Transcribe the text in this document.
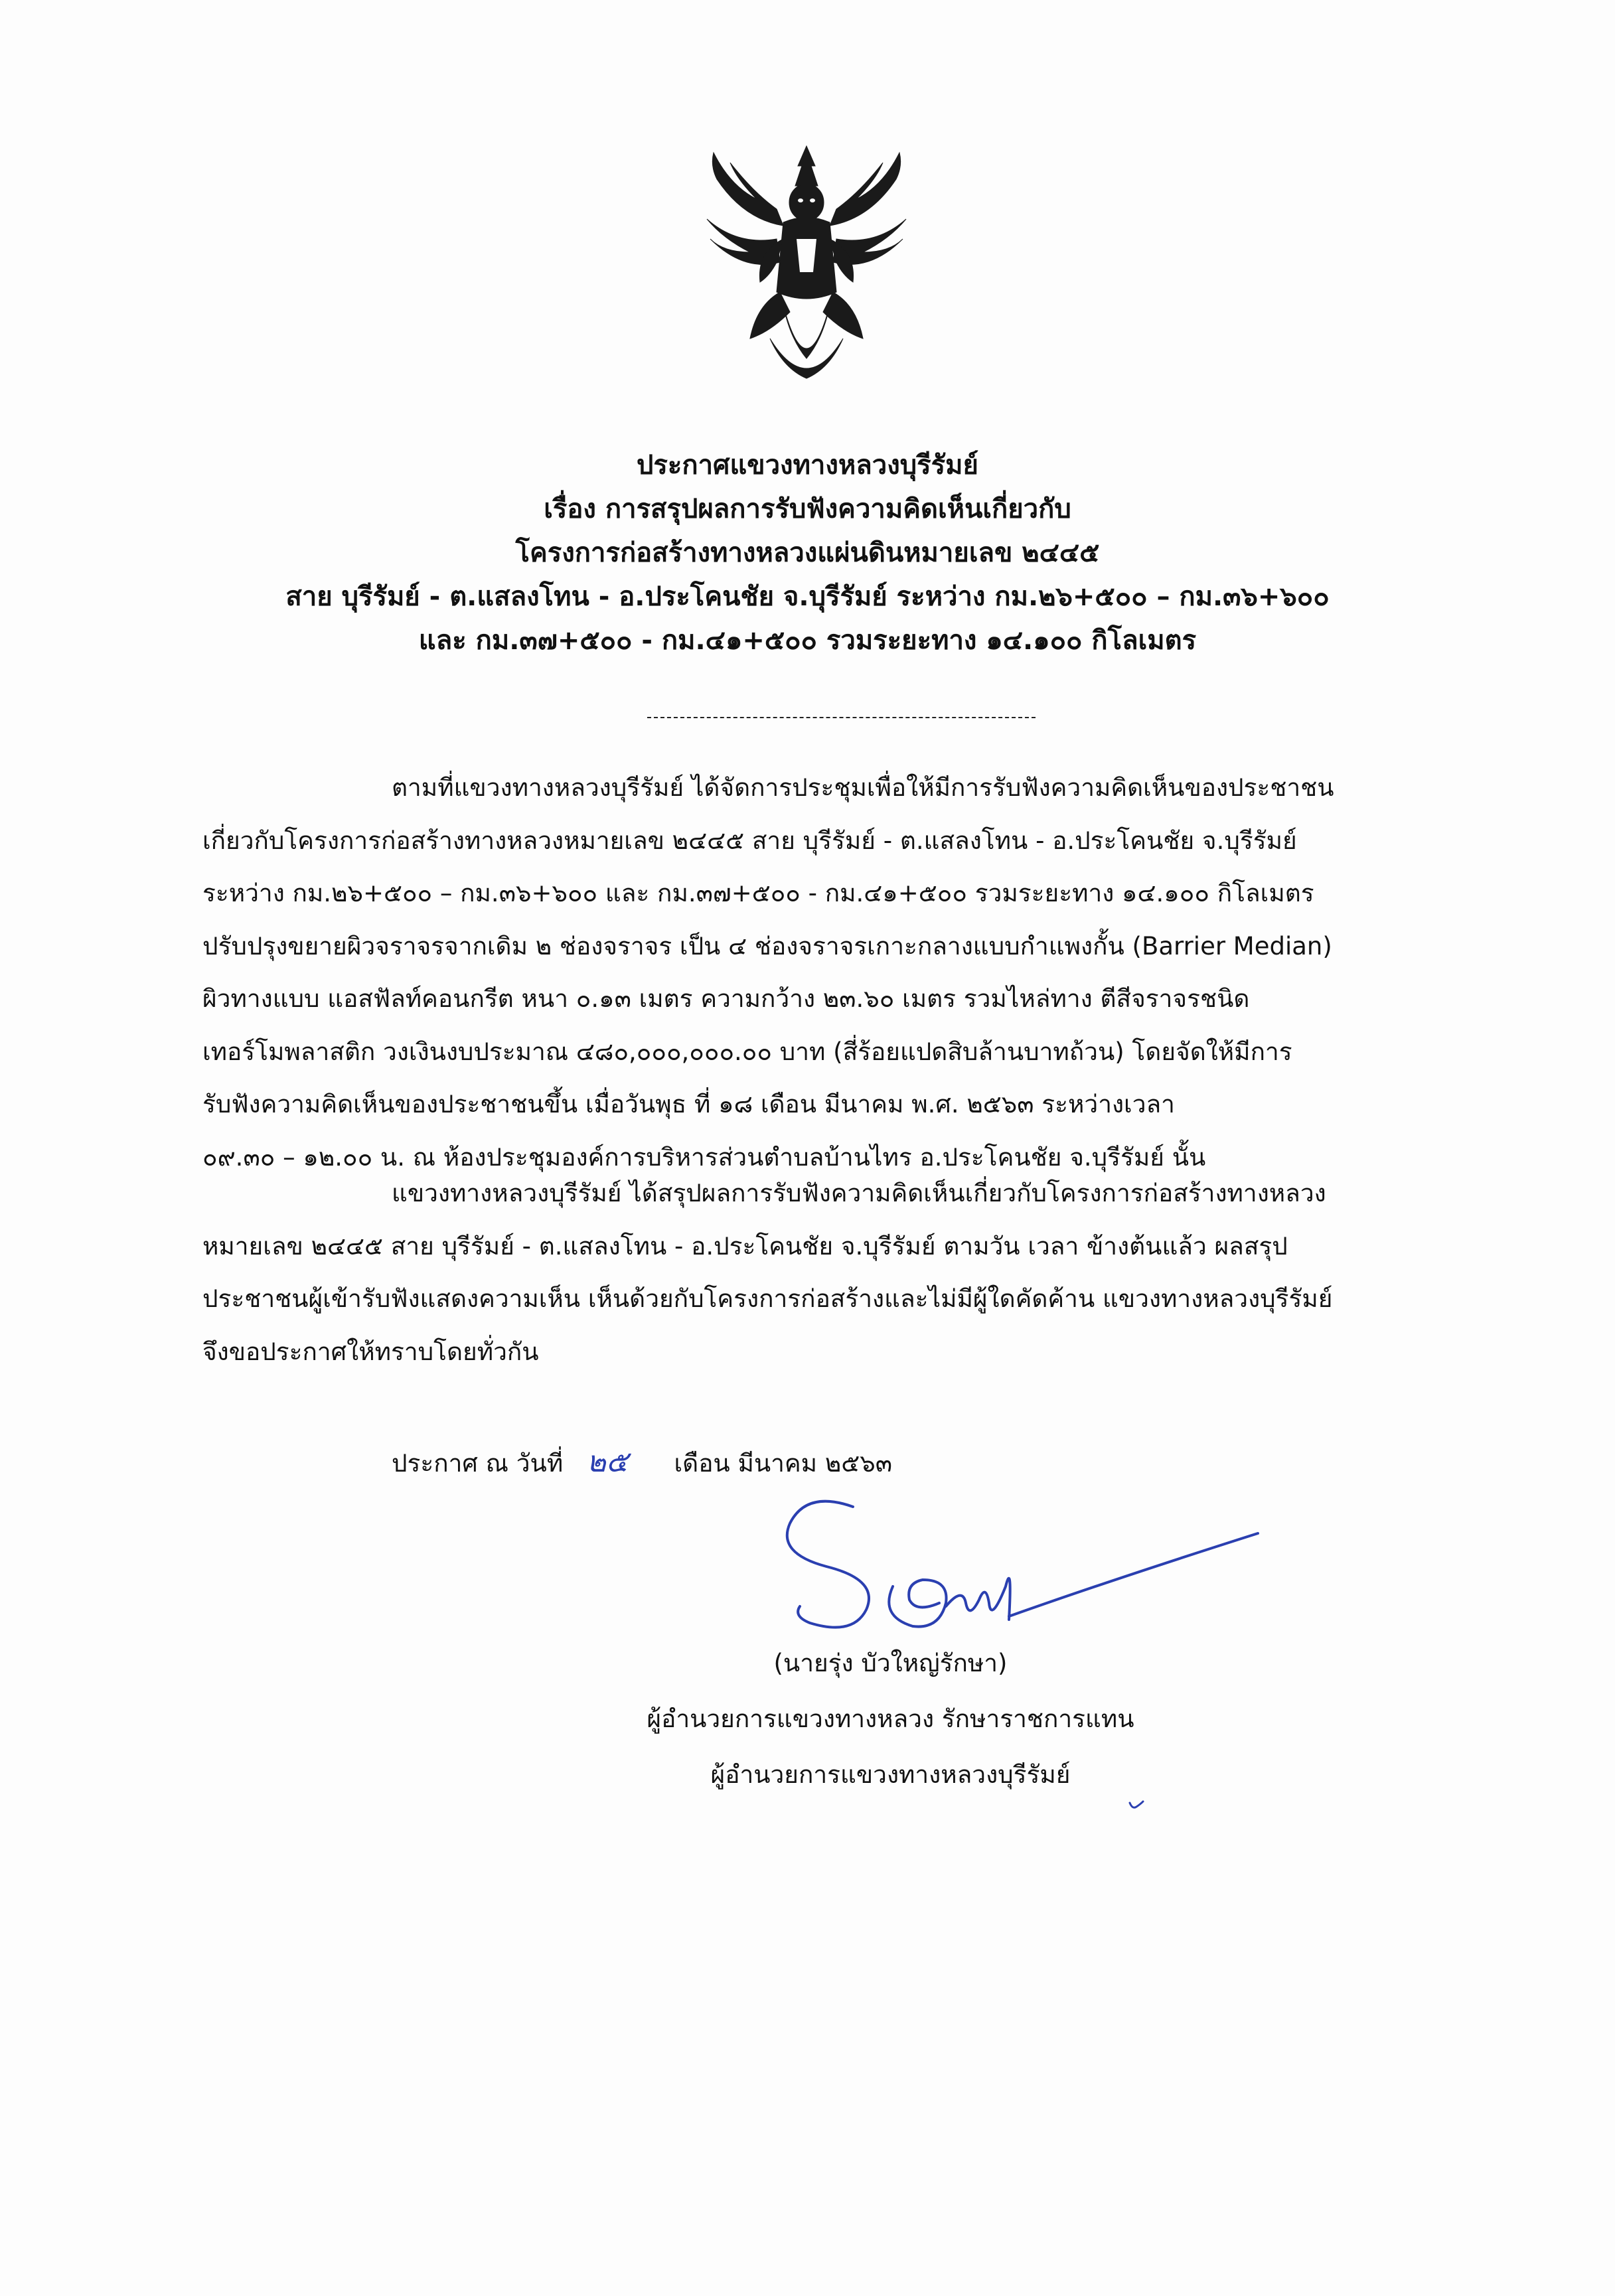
ประกาศแขวงทางหลวงบุรีรัมย์
เรื่อง การสรุปผลการรับฟังความคิดเห็นเกี่ยวกับ
โครงการก่อสร้างทางหลวงแผ่นดินหมายเลข ๒๔๔๕
สาย บุรีรัมย์ - ต.แสลงโทน - อ.ประโคนชัย จ.บุรีรัมย์ ระหว่าง กม.๒๖+๕๐๐ – กม.๓๖+๖๐๐
และ กม.๓๗+๕๐๐ - กม.๔๑+๕๐๐ รวมระยะทาง ๑๔.๑๐๐ กิโลเมตร
ตามที่แขวงทางหลวงบุรีรัมย์ ได้จัดการประชุมเพื่อให้มีการรับฟังความคิดเห็นของประชาชน
เกี่ยวกับโครงการก่อสร้างทางหลวงหมายเลข ๒๔๔๕ สาย บุรีรัมย์ - ต.แสลงโทน - อ.ประโคนชัย จ.บุรีรัมย์
ระหว่าง กม.๒๖+๕๐๐ – กม.๓๖+๖๐๐ และ กม.๓๗+๕๐๐ - กม.๔๑+๕๐๐ รวมระยะทาง ๑๔.๑๐๐ กิโลเมตร
ปรับปรุงขยายผิวจราจรจากเดิม ๒ ช่องจราจร เป็น ๔ ช่องจราจรเกาะกลางแบบกำแพงกั้น (Barrier Median)
ผิวทางแบบ แอสฟัลท์คอนกรีต หนา ๐.๑๓ เมตร ความกว้าง ๒๓.๖๐ เมตร รวมไหล่ทาง ตีสีจราจรชนิด
เทอร์โมพลาสติก วงเงินงบประมาณ ๔๘๐,๐๐๐,๐๐๐.๐๐ บาท (สี่ร้อยแปดสิบล้านบาทถ้วน) โดยจัดให้มีการ
รับฟังความคิดเห็นของประชาชนขึ้น เมื่อวันพุธ ที่ ๑๘ เดือน มีนาคม พ.ศ. ๒๕๖๓ ระหว่างเวลา
๐๙.๓๐ – ๑๒.๐๐ น. ณ ห้องประชุมองค์การบริหารส่วนตำบลบ้านไทร อ.ประโคนชัย จ.บุรีรัมย์ นั้น
แขวงทางหลวงบุรีรัมย์ ได้สรุปผลการรับฟังความคิดเห็นเกี่ยวกับโครงการก่อสร้างทางหลวง
หมายเลข ๒๔๔๕ สาย บุรีรัมย์ - ต.แสลงโทน - อ.ประโคนชัย จ.บุรีรัมย์ ตามวัน เวลา ข้างต้นแล้ว ผลสรุป
ประชาชนผู้เข้ารับฟังแสดงความเห็น เห็นด้วยกับโครงการก่อสร้างและไม่มีผู้ใดคัดค้าน แขวงทางหลวงบุรีรัมย์
จึงขอประกาศให้ทราบโดยทั่วกัน
ประกาศ ณ วันที่ ๒๕ เดือน มีนาคม ๒๕๖๓
(นายรุ่ง บัวใหญ่รักษา)
ผู้อำนวยการแขวงทางหลวง รักษาราชการแทน
ผู้อำนวยการแขวงทางหลวงบุรีรัมย์
